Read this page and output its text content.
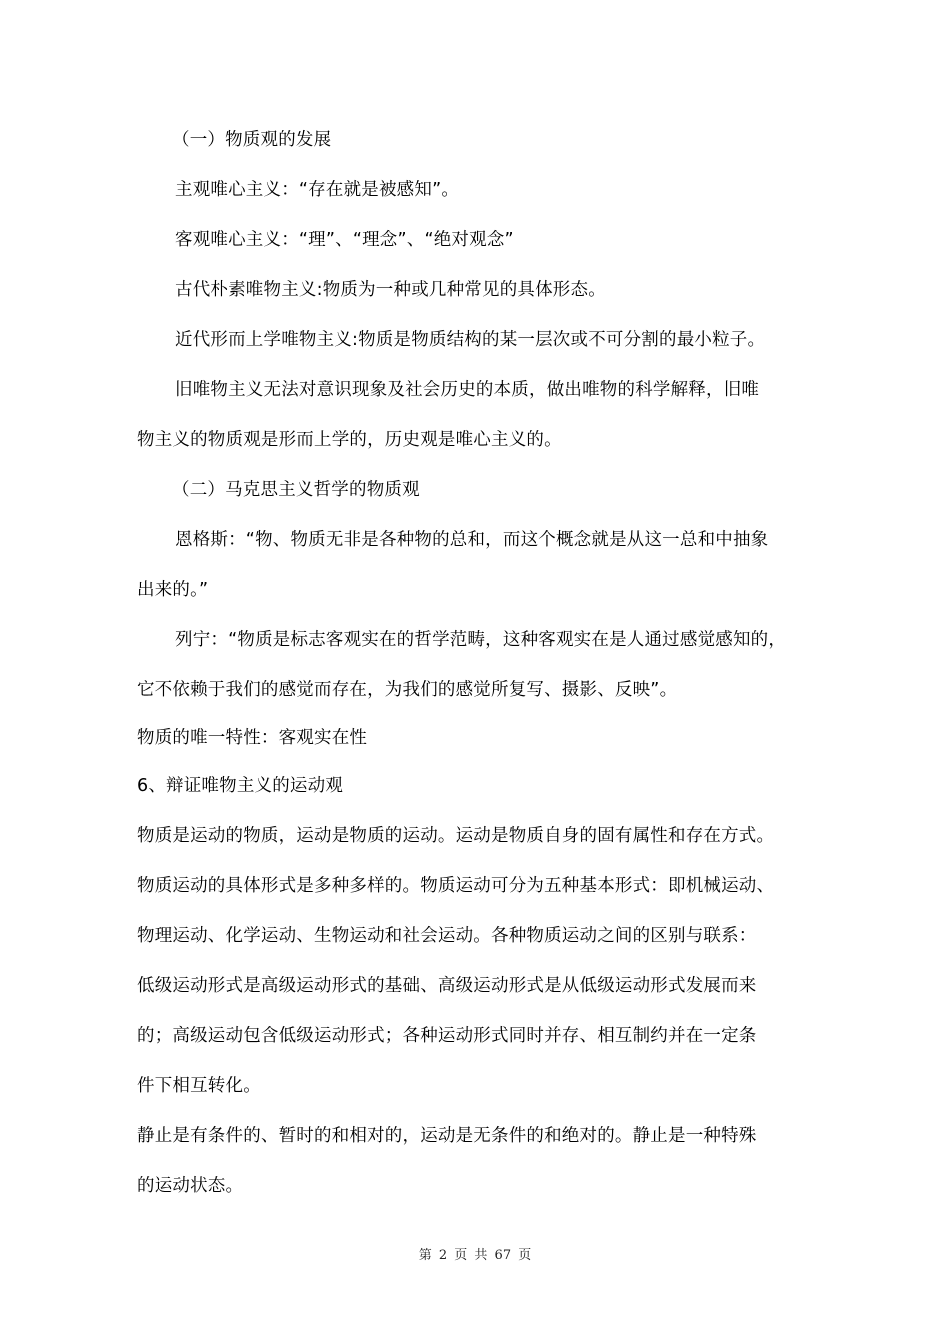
（一）物质观的发展
主观唯心主义：“存在就是被感知”。
客观唯心主义：“理”、“理念”、“绝对观念”
古代朴素唯物主义:物质为一种或几种常见的具体形态。
近代形而上学唯物主义:物质是物质结构的某一层次或不可分割的最小粒子。
旧唯物主义无法对意识现象及社会历史的本质，做出唯物的科学解释，旧唯
物主义的物质观是形而上学的，历史观是唯心主义的。
（二）马克思主义哲学的物质观
恩格斯：“物、物质无非是各种物的总和，而这个概念就是从这一总和中抽象
出来的。”
列宁：“物质是标志客观实在的哲学范畴，这种客观实在是人通过感觉感知的，
它不依赖于我们的感觉而存在，为我们的感觉所复写、摄影、反映”。
物质的唯一特性：客观实在性
6、辩证唯物主义的运动观
物质是运动的物质，运动是物质的运动。运动是物质自身的固有属性和存在方式。
物质运动的具体形式是多种多样的。物质运动可分为五种基本形式：即机械运动、
物理运动、化学运动、生物运动和社会运动。各种物质运动之间的区别与联系：
低级运动形式是高级运动形式的基础、高级运动形式是从低级运动形式发展而来
的；高级运动包含低级运动形式；各种运动形式同时并存、相互制约并在一定条
件下相互转化。
静止是有条件的、暂时的和相对的，运动是无条件的和绝对的。静止是一种特殊
的运动状态。
第 2 页 共 67 页
